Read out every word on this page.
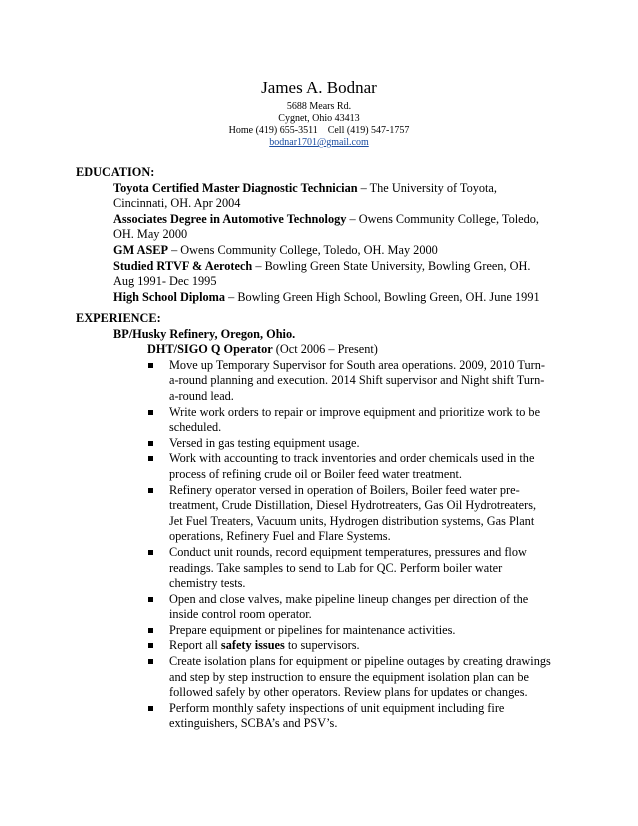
James A. Bodnar
5688 Mears Rd.
Cygnet, Ohio 43413
Home (419) 655-3511    Cell (419) 547-1757
bodnar1701@gmail.com
EDUCATION:
Toyota Certified Master Diagnostic Technician – The University of Toyota, Cincinnati, OH. Apr 2004
Associates Degree in Automotive Technology – Owens Community College, Toledo, OH. May 2000
GM ASEP – Owens Community College, Toledo, OH. May 2000
Studied RTVF & Aerotech – Bowling Green State University, Bowling Green, OH. Aug 1991- Dec 1995
High School Diploma – Bowling Green High School, Bowling Green, OH. June 1991
EXPERIENCE:
BP/Husky Refinery, Oregon, Ohio.
DHT/SIGO Q Operator (Oct 2006 – Present)
Move up Temporary Supervisor for South area operations. 2009, 2010 Turn-a-round planning and execution. 2014 Shift supervisor and Night shift Turn-a-round lead.
Write work orders to repair or improve equipment and prioritize work to be scheduled.
Versed in gas testing equipment usage.
Work with accounting to track inventories and order chemicals used in the process of refining crude oil or Boiler feed water treatment.
Refinery operator versed in operation of Boilers, Boiler feed water pre-treatment, Crude Distillation, Diesel Hydrotreaters, Gas Oil Hydrotreaters, Jet Fuel Treaters, Vacuum units, Hydrogen distribution systems, Gas Plant operations, Refinery Fuel and Flare Systems.
Conduct unit rounds, record equipment temperatures, pressures and flow readings. Take samples to send to Lab for QC. Perform boiler water chemistry tests.
Open and close valves, make pipeline lineup changes per direction of the inside control room operator.
Prepare equipment or pipelines for maintenance activities.
Report all safety issues to supervisors.
Create isolation plans for equipment or pipeline outages by creating drawings and step by step instruction to ensure the equipment isolation plan can be followed safely by other operators. Review plans for updates or changes.
Perform monthly safety inspections of unit equipment including fire extinguishers, SCBA’s and PSV’s.
